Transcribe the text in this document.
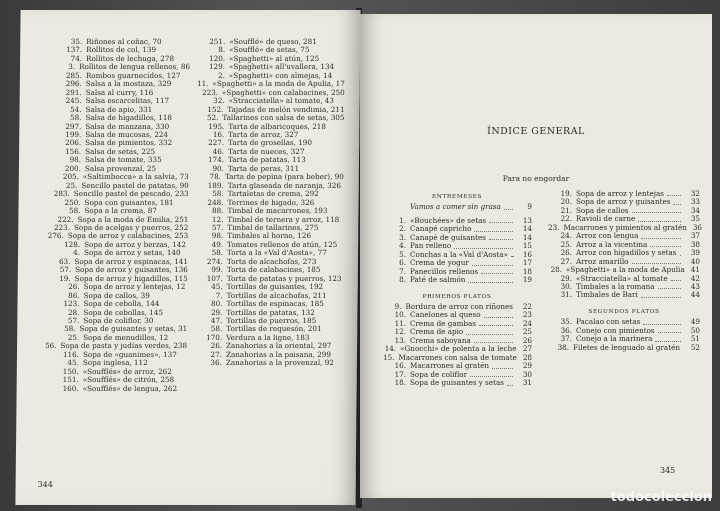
35. Riñones al coñac, 70
137. Rollitos de col, 139
74. Rollitos de lechuga, 278
3. Rollitos de lengua rellenos, 86
285. Rombos guarnecidos, 127
296. Salsa a la mostaza, 329
291. Salsa al curry, 116
245. Salsa escarcelitas, 117
54. Salsa de apio, 331
58. Salsa de higadillos, 118
297. Salsa de manzana, 330
199. Salsa de mucosas, 224
206. Salsa de pimientos, 332
156. Salsa de setas, 225
98. Salsa de tomate, 335
200. Salsa provenzal, 25
205. «Saltimbocca» a la salvia, 73
25. Sencillo pastel de patatas, 90
283. Sencillo pastel de pescado, 233
250. Sopa con guisantes, 181
58. Sopa a la crema, 87
222. Sopa a la moda de Emilia, 251
223. Sopa de acelgas y puerros, 252
276. Sopa de arroz y calabacines, 253
128. Sopa de arroz y berzas, 142
4. Sopa de arroz y setas, 140
63. Sopa de arroz y espinacas, 141
57. Sopa de arroz y guisantes, 136
19. Sopa de arroz y higadillos, 115
26. Sopa de arroz y lentejas, 12
86. Sopa de callos, 39
123. Sopa de cebolla, 144
28. Sopa de cebollas, 145
57. Sopa de coliflor, 30
58. Sopa de guisantes y setas, 31
25. Sopa de menudillos, 12
56. Sopa de pasta y judías verdes, 238
116. Sopa de «guanimes», 137
45. Sopa inglesa, 112
150. «Soufflés» de arroz, 262
151. «Soufflés» de citrón, 258
160. «Soufflés» de lengua, 262
251. «Soufflé» de queso, 281
8. «Soufflé» de setas, 75
120. «Spaghetti» al atún, 125
129. «Spaghetti» all'uvallera, 134
2. «Spaghetti» con almejas, 14
11. «Spaghetti» a la moda de Apulia, 17
223. «Spaghetti» con calabacines, 250
32. «Stracciatella» al tomate, 43
152. Tajadas de melón vendimia, 211
52. Tallarines con salsa de setas, 305
195. Tarta de albaricoques, 218
16. Tarta de arroz, 327
227. Tarta de grosellas, 190
46. Tarta de nueces, 327
174. Tarta de patatas, 113
90. Tarta de peras, 311
78. Tarta de pepina (para beber), 90
189. Tarta glaseada de naranja, 326
58. Tartaletas de crema, 292
248. Terrines de higado, 326
88. Timbal de macarrones, 193
12. Timbal de ternera y arroz, 118
57. Timbal de tallarines, 275
98. Timbales al horno, 126
49. Tomates rellenos de atún, 125
58. Torta a la «Val d'Aosta», 77
274. Torta de alcachofas, 273
99. Torta de calabacines, 185
107. Torta de patatas y puerros, 123
45. Tortillas de guisantes, 192
7. Tortillas de alcachofas, 211
80. Tortillas de espinacas, 185
29. Tortillas de patatas, 132
47. Tortillas de puerros, 185
58. Tortillas de requesón, 201
170. Verdura a la ligne, 183
26. Zanahorias a la oriental, 297
27. Zanahorias a la paisana, 299
36. Zanahorias a la provenzal, 92
344
ÍNDICE GENERAL
Para no engordar
ENTREMESES
Vamos a comer sin grasa	9
1. «Bouchées» de setas	13
2. Canapé capricho	14
3. Canapé de guisantes	14
4. Pan relleno	15
5. Conchas a la «Val d'Aosta»	16
6. Crema de yogur	17
7. Panecillos rellenos	18
8. Paté de salmón	19
PRIMEROS PLATOS
9. Bordura de arroz con riñones	22
10. Canelones al queso	23
11. Crema de gambas	24
12. Crema de apio	25
13. Crema saboyana	26
14. «Gnocchi» de polenta a la leche 27
15. Macarrones con salsa de tomate 28
16. Macarrones al gratén	29
17. Sopa de coliflor	30
18. Sopa de guisantes y setas	31
19. Sopa de arroz y lentejas	32
20. Sopa de arroz y guisantes	33
21. Sopa de callos	34
22. Ravioli de carne	35
23. Macarrones y pimientos al gratén 36
24. Arroz con lengua	37
25. Arroz a la vicentina	38
26. Arroz con higadillos y setas	39
27. Arroz amarillo	40
28. «Spaghetti» a la moda de Apulia 41
29. «Stracciatella» al tomate	42
30. Timbales a la romana	43
31. Timbales de Bari	44
SEGUNDOS PLATOS
35. Pacalao con setas	49
36. Conejo con pimientos	50
37. Conejo a la marinera	51
38. Filetes de lenguado al gratén	52
345
todocoleccion
